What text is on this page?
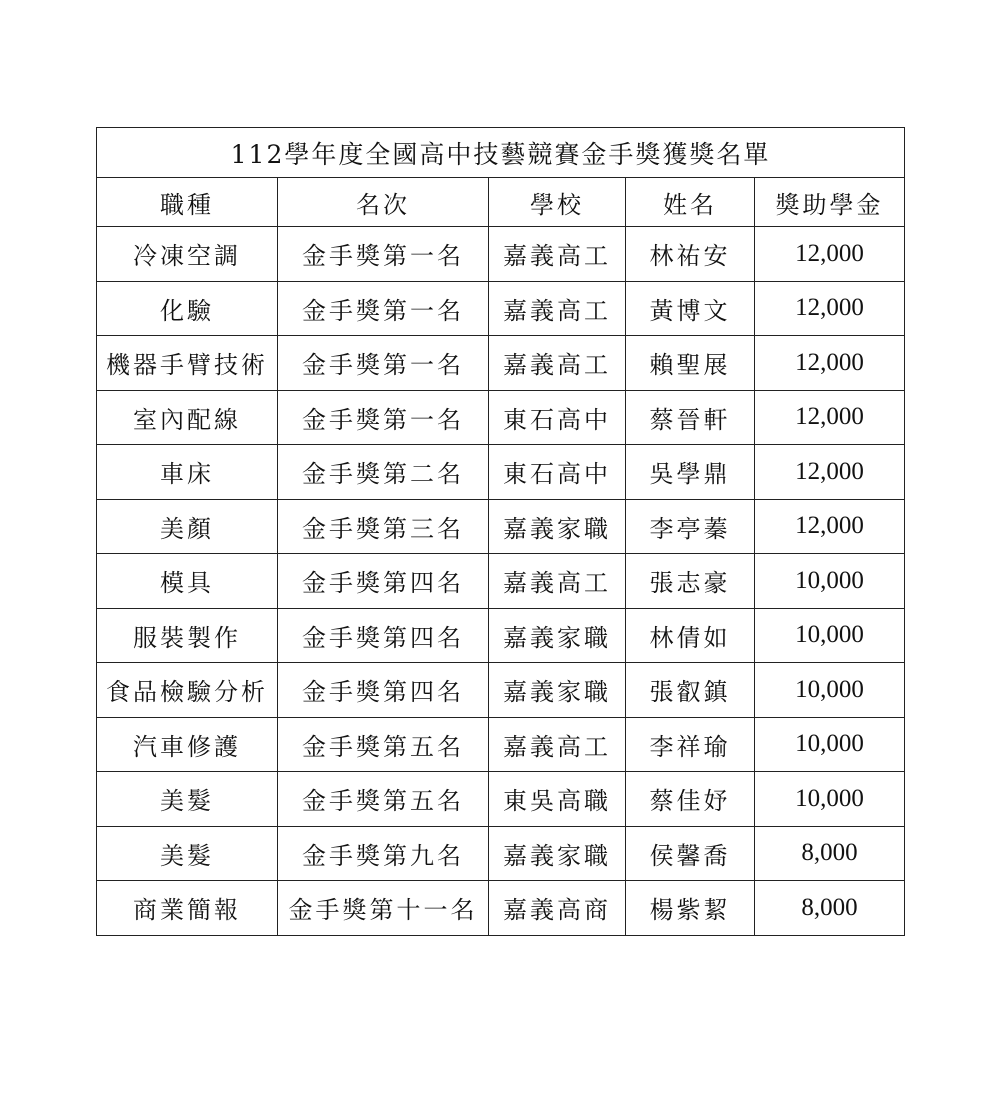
112學年度全國高中技藝競賽金手獎獲獎名單				
職種	名次	學校	姓名	獎助學金
冷凍空調	金手獎第一名	嘉義高工	林祐安	12,000
化驗	金手獎第一名	嘉義高工	黃博文	12,000
機器手臂技術	金手獎第一名	嘉義高工	賴聖展	12,000
室內配線	金手獎第一名	東石高中	蔡晉軒	12,000
車床	金手獎第二名	東石高中	吳學鼎	12,000
美顏	金手獎第三名	嘉義家職	李亭蓁	12,000
模具	金手獎第四名	嘉義高工	張志豪	10,000
服裝製作	金手獎第四名	嘉義家職	林倩如	10,000
食品檢驗分析	金手獎第四名	嘉義家職	張叡鎮	10,000
汽車修護	金手獎第五名	嘉義高工	李祥瑜	10,000
美髮	金手獎第五名	東吳高職	蔡佳妤	10,000
美髮	金手獎第九名	嘉義家職	侯馨喬	8,000
商業簡報	金手獎第十一名	嘉義高商	楊紫絜	8,000
